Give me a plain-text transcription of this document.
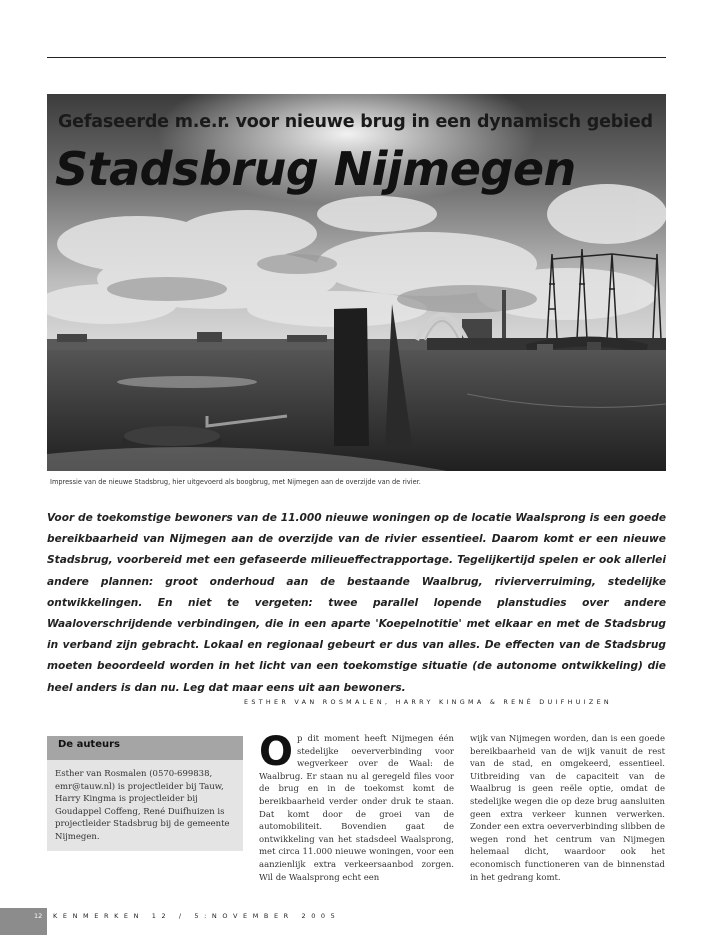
Gefaseerde m.e.r. voor nieuwe brug in een dynamisch gebied
Stadsbrug Nijmegen
Impressie van de nieuwe Stadsbrug, hier uitgevoerd als boogbrug, met Nijmegen aan de overzijde van de rivier.
Voor de toekomstige bewoners van de 11.000 nieuwe woningen op de locatie Waalsprong is een goede bereikbaarheid van Nijmegen aan de overzijde van de rivier essentieel. Daarom komt er een nieuwe Stadsbrug, voorbereid met een gefaseerde milieueffectrapportage. Tegelijkertijd spelen er ook allerlei andere plannen: groot onderhoud aan de bestaande Waalbrug, rivierverruiming, stedelijke ontwikkelingen. En niet te vergeten: twee parallel lopende planstudies over andere Waaloverschrijdende verbindingen, die in een aparte 'Koepelnotitie' met elkaar en met de Stadsbrug in verband zijn gebracht. Lokaal en regionaal gebeurt er dus van alles. De effecten van de Stadsbrug moeten beoordeeld worden in het licht van een toekomstige situatie (de autonome ontwikkeling) die heel anders is dan nu. Leg dat maar eens uit aan bewoners.
ESTHER VAN ROSMALEN, HARRY KINGMA & RENÉ DUIFHUIZEN
De auteurs
Esther van Rosmalen (0570-699838, emr@tauw.nl) is projectleider bij Tauw, Harry Kingma is projectleider bij Goudappel Coffeng, René Duifhuizen is projectleider Stadsbrug bij de gemeente Nijmegen.
Op dit moment heeft Nijmegen één stedelijke oeververbinding voor wegverkeer over de Waal: de Waalbrug. Er staan nu al geregeld files voor de brug en in de toekomst komt de bereikbaarheid verder onder druk te staan. Dat komt door de groei van de automobiliteit. Bovendien gaat de ontwikkeling van het stadsdeel Waalsprong, met circa 11.000 nieuwe woningen, voor een aanzienlijk extra verkeersaanbod zorgen. Wil de Waalsprong echt een
wijk van Nijmegen worden, dan is een goede bereikbaarheid van de wijk vanuit de rest van de stad, en omgekeerd, essentieel. Uitbreiding van de capaciteit van de Waalbrug is geen reële optie, omdat de stedelijke wegen die op deze brug aansluiten geen extra verkeer kunnen verwerken. Zonder een extra oeververbinding slibben de wegen rond het centrum van Nijmegen helemaal dicht, waardoor ook het economisch functioneren van de binnenstad in het gedrang komt.
12 KENMERKEN 12 / 5:NOVEMBER 2005
